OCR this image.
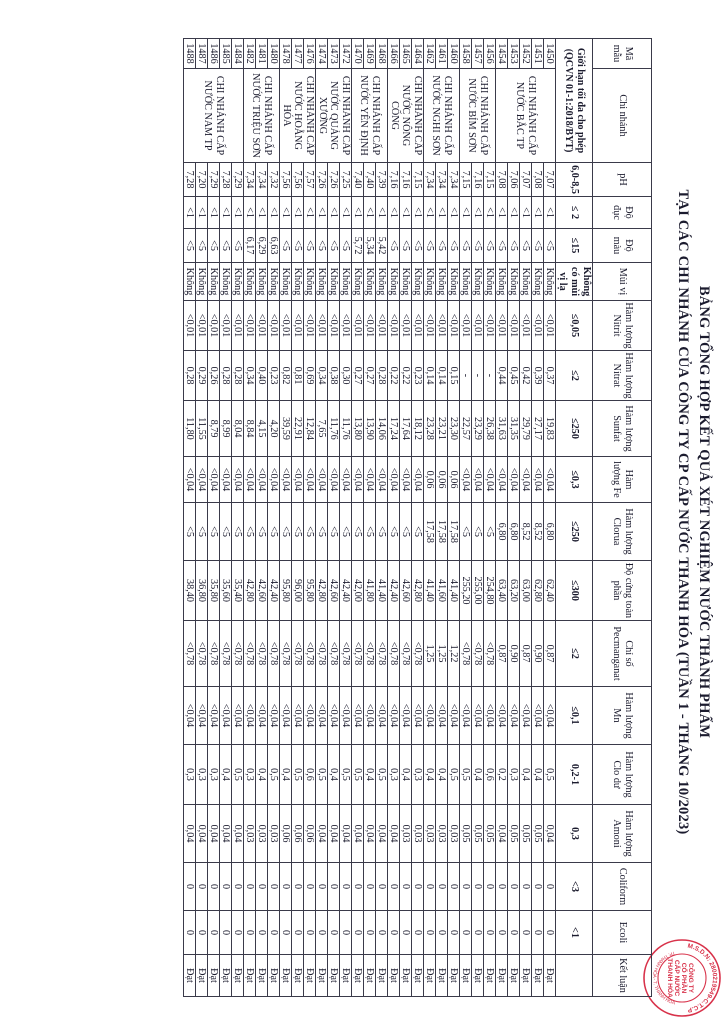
BẢNG TỔNG HỢP KẾT QUẢ XÉT NGHIỆM NƯỚC THÀNH PHẨM
TẠI CÁC CHI NHÁNH CỦA CÔNG TY CP CẤP NƯỚC THANH HÓA (TUẦN 1 - THÁNG 10/2023)
M.S.D.N: 2800219549-C.T.C.P
TP. THANH HÓA - T. THANH HÓA
CÔNG TY
CỔ PHẦN
CẤP NƯỚC
THANH HÓA
Mã mẫu	Chi nhánh	pH	Độ đục	Độ màu	Mùi vị	Hàm lượng Nitrit	Hàm lượng Nitrat	Hàm lượng Sunfat	Hàm lượng Fe	Hàm lượng Clorua	Độ cứng toàn phần	Chỉ số Pecmanganat	Hàm lượng Mn	Hàm lượng Clo dư	Hàm lượng Amoni	Coliform	Ecoli	Kết luận
Giới hạn tối đa cho phép (QCVN 01-1:2018/BYT)		6,0-8,5	≤ 2	≤15	Không có mùi vị lạ	≤0,05	≤2	≤250	≤0,3	≤250	≤300	≤2	≤0,1	0,2-1	0,3	<3	<1	
1450	CHI NHÁNH CẤP NƯỚC BẮC TP	7,07	<1	<5	Không	<0,01	0,37	19,83	<0,04	6,80	62,40	0,87	<0,04	0,5	0,04	0	0	Đạt
1451		7,08	<1	<5	Không	<0,01	0,39	27,17	<0,04	8,52	62,80	0,90	<0,04	0,4	0,05	0	0	Đạt
1452		7,07	<1	<5	Không	<0,01	0,42	29,79	<0,04	8,52	63,00	0,87	<0,04	0,4	0,05	0	0	Đạt
1453		7,06	<1	<5	Không	<0,01	0,45	31,35	<0,04	6,80	63,20	0,90	<0,04	0,3	0,05	0	0	Đạt
1454		7,08	<1	<5	Không	<0,01	0,44	31,63	<0,04	6,80	63,40	0,87	<0,04	0,2	0,04	0	0	Đạt
1456	CHI NHÁNH CẤP NƯỚC BỈM SƠN	7,15	<1	<5	Không	<0,01	-	26,38	<0,04	<5	254,80	<0,78	<0,04	0,6	0,05	0	0	Đạt
1457		7,16	<1	<5	Không	<0,01	-	23,29	<0,04	<5	255,00	<0,78	<0,04	0,4	0,05	0	0	Đạt
1458		7,15	<1	<5	Không	<0,01	-	22,57	<0,04	<5	255,20	<0,78	<0,04	0,5	0,05	0	0	Đạt
1460	CHI NHÁNH CẤP NƯỚC NGHI SƠN	7,34	<1	<5	Không	<0,01	0,15	23,30	0,06	17,58	41,40	1,22	<0,04	0,5	0,03	0	0	Đạt
1461		7,34	<1	<5	Không	<0,01	0,14	23,21	0,06	17,58	41,60	1,25	<0,04	0,4	0,03	0	0	Đạt
1462		7,34	<1	<5	Không	<0,01	0,14	23,28	0,06	17,58	41,40	1,25	<0,04	0,4	0,03	0	0	Đạt
1464	CHI NHÁNH CẤP NƯỚC NÔNG CỐNG	7,15	<1	<5	Không	<0,01	0,23	18,12	<0,04	<5	42,80	<0,78	<0,04	0,3	0,03	0	0	Đạt
1465		7,16	<1	<5	Không	<0,01	0,22	17,64	<0,04	<5	42,60	<0,78	<0,04	0,4	0,03	0	0	Đạt
1466		7,16	<1	<5	Không	<0,01	0,22	17,24	<0,04	<5	42,40	<0,78	<0,04	0,3	0,04	0	0	Đạt
1468	CHI NHÁNH CẤP NƯỚC YÊN ĐỊNH	7,39	<1	5,42	Không	<0,01	0,28	14,06	<0,04	<5	41,40	<0,78	<0,04	0,5	0,04	0	0	Đạt
1469		7,40	<1	5,34	Không	<0,01	0,27	13,90	<0,04	<5	41,80	<0,78	<0,04	0,4	0,04	0	0	Đạt
1470		7,40	<1	5,72	Không	<0,01	0,27	13,80	<0,04	<5	42,00	<0,78	<0,04	0,5	0,04	0	0	Đạt
1472	CHI NHÁNH CẤP NƯỚC QUẢNG XƯƠNG	7,25	<1	<5	Không	<0,01	0,30	11,76	<0,04	<5	42,40	<0,78	<0,04	0,5	0,04	0	0	Đạt
1473		7,26	<1	<5	Không	<0,01	0,38	11,76	<0,04	<5	42,60	<0,78	<0,04	0,4	0,04	0	0	Đạt
1474		7,26	<1	<5	Không	<0,01	0,34	7,65	<0,04	<5	42,80	<0,78	<0,04	0,5	0,04	0	0	Đạt
1476	CHI NHÁNH CẤP NƯỚC HOẰNG HÓA	7,57	<1	<5	Không	<0,01	0,69	12,84	<0,04	<5	95,80	<0,78	<0,04	0,6	0,06	0	0	Đạt
1477		7,56	<1	<5	Không	<0,01	0,81	22,91	<0,04	<5	96,00	<0,78	<0,04	0,5	0,06	0	0	Đạt
1478		7,56	<1	<5	Không	<0,01	0,82	39,59	<0,04	<5	95,80	<0,78	<0,04	0,4	0,06	0	0	Đạt
1480	CHI NHÁNH CẤP NƯỚC TRIỆU SƠN	7,32	<1	6,63	Không	<0,01	0,23	4,20	<0,04	<5	42,40	<0,78	<0,04	0,5	0,03	0	0	Đạt
1481		7,34	<1	6,29	Không	<0,01	0,40	4,15	<0,04	<5	42,60	<0,78	<0,04	0,4	0,03	0	0	Đạt
1482		7,34	<1	6,17	Không	<0,01	0,34	8,84	<0,04	<5	42,80	<0,78	<0,04	0,3	0,03	0	0	Đạt
1484	CHI NHÁNH CẤP NƯỚC NAM TP	7,29	<1	<5	Không	<0,01	0,28	8,04	<0,04	<5	35,40	<0,78	<0,04	0,5	0,04	0	0	Đạt
1485		7,28	<1	<5	Không	<0,01	0,28	8,99	<0,04	<5	35,60	<0,78	<0,04	0,4	0,04	0	0	Đạt
1486		7,29	<1	<5	Không	<0,01	0,26	8,79	<0,04	<5	35,80	<0,78	<0,04	0,3	0,04	0	0	Đạt
1487		7,20	<1	<5	Không	<0,01	0,29	11,55	<0,04	<5	36,80	<0,78	<0,04	0,3	0,04	0	0	Đạt
1488		7,28	<1	<5	Không	<0,01	0,28	11,80	<0,04	<5	38,40	<0,78	<0,04	0,3	0,04	0	0	Đạt
